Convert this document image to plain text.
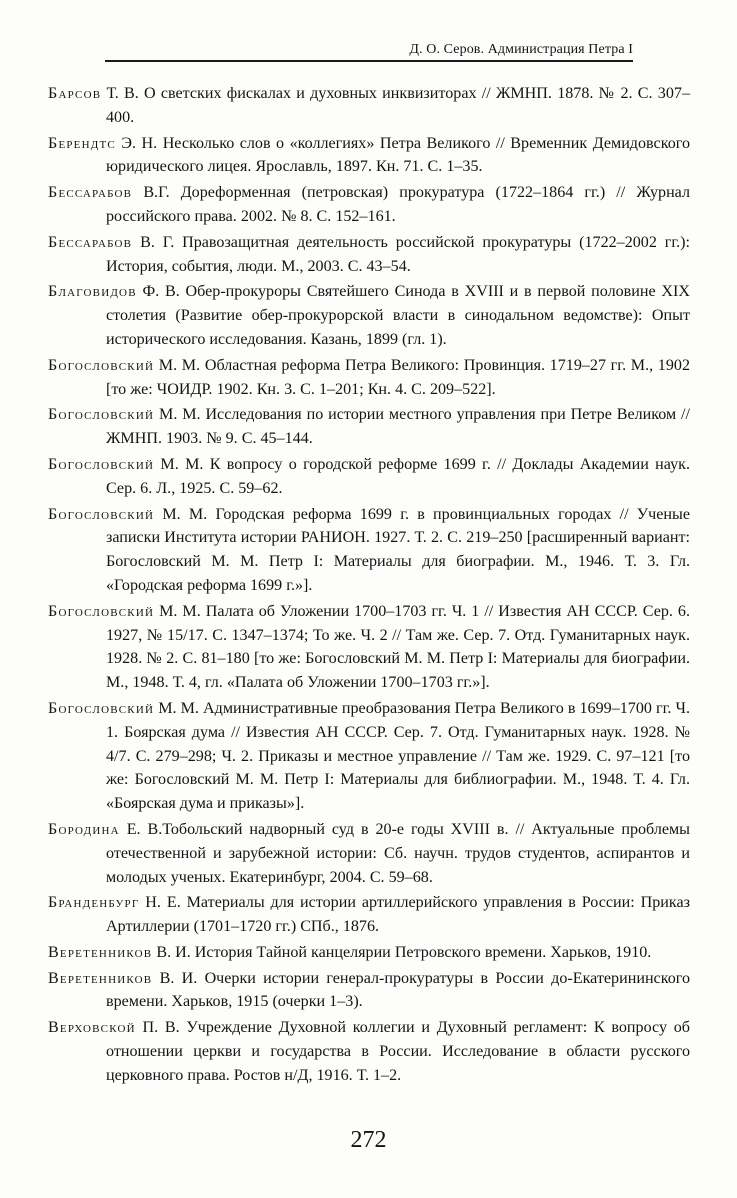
Д. О. Серов. Администрация Петра I

Барсов Т. В. О светских фискалах и духовных инквизиторах // ЖМНП. 1878. № 2. С. 307–400.

Берендтс Э. Н. Несколько слов о «коллегиях» Петра Великого // Временник Демидовского юридического лицея. Ярославль, 1897. Кн. 71. С. 1–35.

Бессарабов В.Г. Дореформенная (петровская) прокуратура (1722–1864 гг.) // Журнал российского права. 2002. № 8. С. 152–161.

Бессарабов В. Г. Правозащитная деятельность российской прокуратуры (1722–2002 гг.): История, события, люди. М., 2003. С. 43–54.

Благовидов Ф. В. Обер-прокуроры Святейшего Синода в XVIII и в первой половине XIX столетия (Развитие обер-прокурорской власти в синодальном ведомстве): Опыт исторического исследования. Казань, 1899 (гл. 1).

Богословский М. М. Областная реформа Петра Великого: Провинция. 1719–27 гг. М., 1902 [то же: ЧОИДР. 1902. Кн. 3. С. 1–201; Кн. 4. С. 209–522].

Богословский М. М. Исследования по истории местного управления при Петре Великом // ЖМНП. 1903. № 9. С. 45–144.

Богословский М. М. К вопросу о городской реформе 1699 г. // Доклады Академии наук. Сер. 6. Л., 1925. С. 59–62.

Богословский М. М. Городская реформа 1699 г. в провинциальных городах // Ученые записки Института истории РАНИОН. 1927. Т. 2. С. 219–250 [расширенный вариант: Богословский М. М. Петр I: Материалы для биографии. М., 1946. Т. 3. Гл. «Городская реформа 1699 г.»].

Богословский М. М. Палата об Уложении 1700–1703 гг. Ч. 1 // Известия АН СССР. Сер. 6. 1927, № 15/17. С. 1347–1374; То же. Ч. 2 // Там же. Сер. 7. Отд. Гуманитарных наук. 1928. № 2. С. 81–180 [то же: Богословский М. М. Петр I: Материалы для биографии. М., 1948. Т. 4, гл. «Палата об Уложении 1700–1703 гг.»].

Богословский М. М. Административные преобразования Петра Великого в 1699–1700 гг. Ч. 1. Боярская дума // Известия АН СССР. Сер. 7. Отд. Гуманитарных наук. 1928. № 4/7. С. 279–298; Ч. 2. Приказы и местное управление // Там же. 1929. С. 97–121 [то же: Богословский М. М. Петр I: Материалы для библиографии. М., 1948. Т. 4. Гл. «Боярская дума и приказы»].

Бородина Е. В.Тобольский надворный суд в 20-е годы XVIII в. // Актуальные проблемы отечественной и зарубежной истории: Сб. научн. трудов студентов, аспирантов и молодых ученых. Екатеринбург, 2004. С. 59–68.

Бранденбург Н. Е. Материалы для истории артиллерийского управления в России: Приказ Артиллерии (1701–1720 гг.) СПб., 1876.

Веретенников В. И. История Тайной канцелярии Петровского времени. Харьков, 1910.

Веретенников В. И. Очерки истории генерал-прокуратуры в России до-Екатерининского времени. Харьков, 1915 (очерки 1–3).

Верховской П. В. Учреждение Духовной коллегии и Духовный регламент: К вопросу об отношении церкви и государства в России. Исследование в области русского церковного права. Ростов н/Д, 1916. Т. 1–2.

272
